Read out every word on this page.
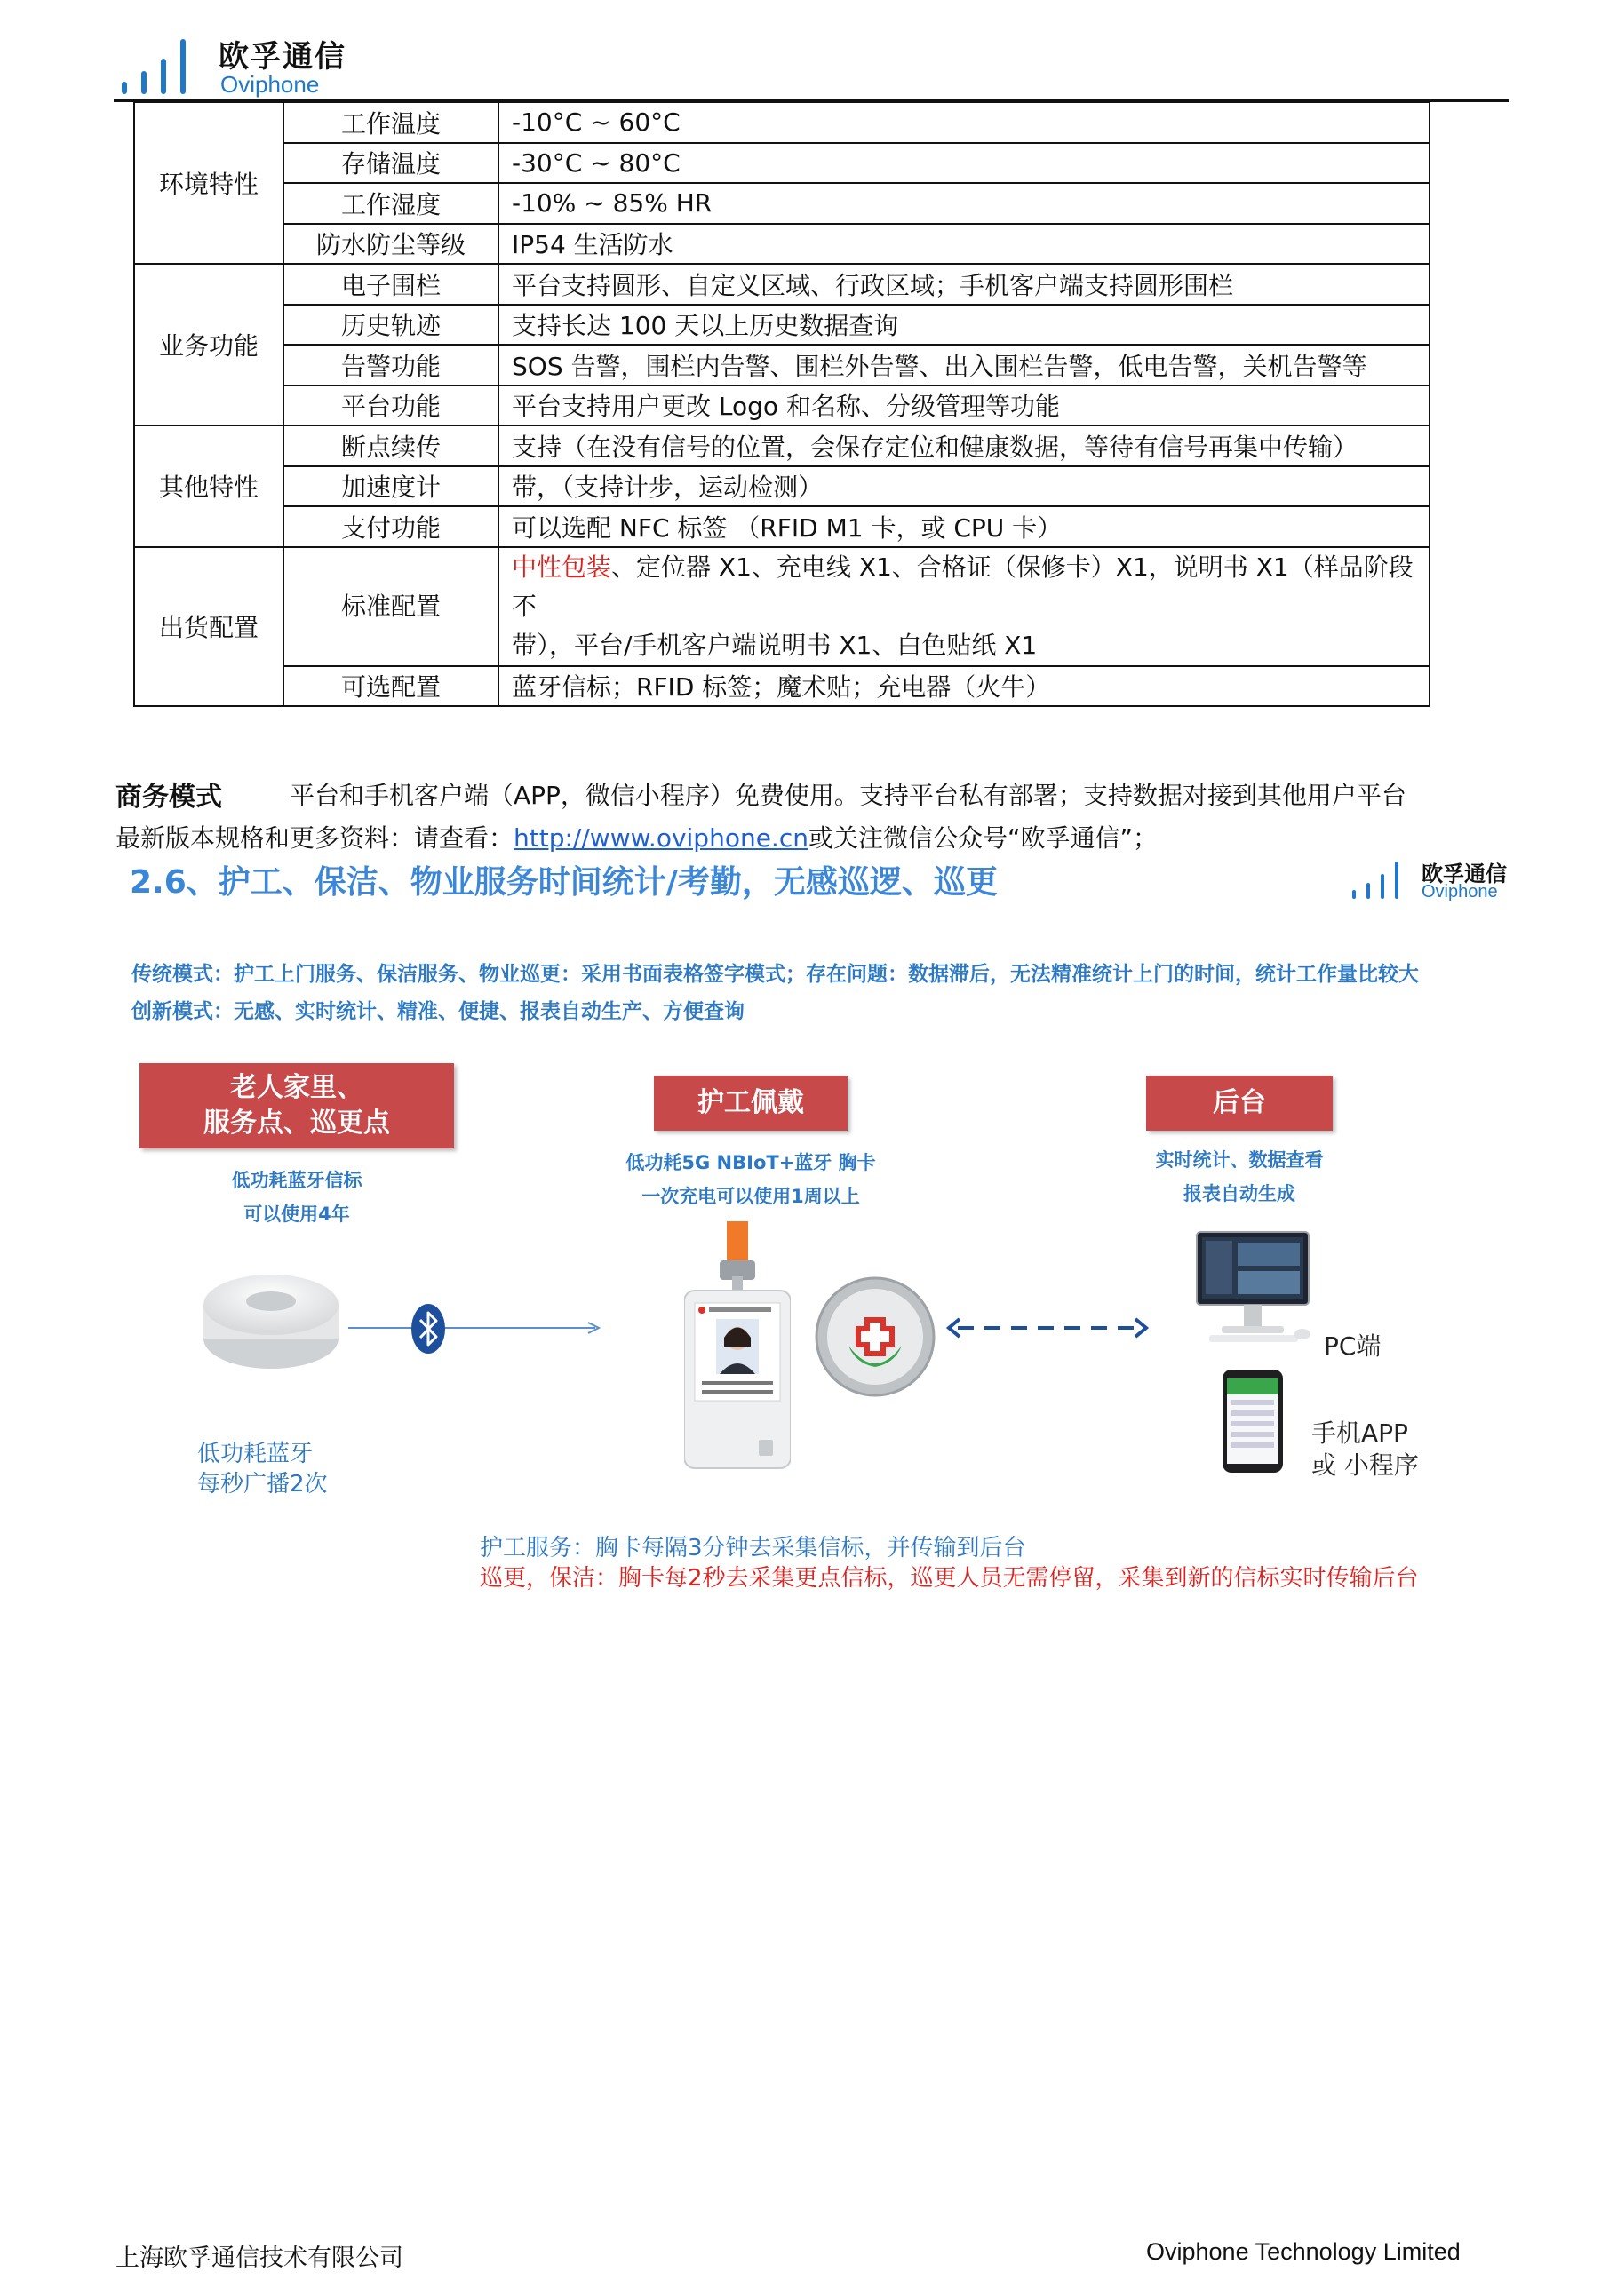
欧孚通信
Oviphone
环境特性	工作温度	-10°C ~ 60°C
	存储温度	-30°C ~ 80°C
	工作湿度	-10% ~ 85% HR
	防水防尘等级	IP54 生活防水
业务功能	电子围栏	平台支持圆形、自定义区域、行政区域；手机客户端支持圆形围栏
	历史轨迹	支持长达 100 天以上历史数据查询
	告警功能	SOS 告警，围栏内告警、围栏外告警、出入围栏告警，低电告警，关机告警等
	平台功能	平台支持用户更改 Logo 和名称、分级管理等功能
其他特性	断点续传	支持（在没有信号的位置，会保存定位和健康数据，等待有信号再集中传输）
	加速度计	带，（支持计步，运动检测）
	支付功能	可以选配 NFC 标签 （RFID M1 卡，或 CPU 卡）
出货配置	标准配置	中性包装、定位器 X1、充电线 X1、合格证（保修卡）X1，说明书 X1（样品阶段不
带），平台/手机客户端说明书 X1、白色贴纸 X1
	可选配置	蓝牙信标；RFID 标签；魔术贴；充电器（火牛）
商务模式	平台和手机客户端（APP，微信小程序）免费使用。支持平台私有部署；支持数据对接到其他用户平台
最新版本规格和更多资料：请查看：http://www.oviphone.cn或关注微信公众号“欧孚通信”；
2.6、护工、保洁、物业服务时间统计/考勤，无感巡逻、巡更	欧孚通信
Oviphone
传统模式：护工上门服务、保洁服务、物业巡更：采用书面表格签字模式；存在问题：数据滞后，无法精准统计上门的时间，统计工作量比较大
创新模式：无感、实时统计、精准、便捷、报表自动生产、方便查询
老人家里、
服务点、巡更点
低功耗蓝牙信标
可以使用4年
低功耗蓝牙
每秒广播2次
护工佩戴
低功耗5G NBIoT+蓝牙 胸卡
一次充电可以使用1周以上
后台
实时统计、数据查看
报表自动生成
PC端
手机APP
或 小程序
护工服务：胸卡每隔3分钟去采集信标，并传输到后台
巡更，保洁：胸卡每2秒去采集更点信标，巡更人员无需停留，采集到新的信标实时传输后台
上海欧孚通信技术有限公司	Oviphone Technology Limited
